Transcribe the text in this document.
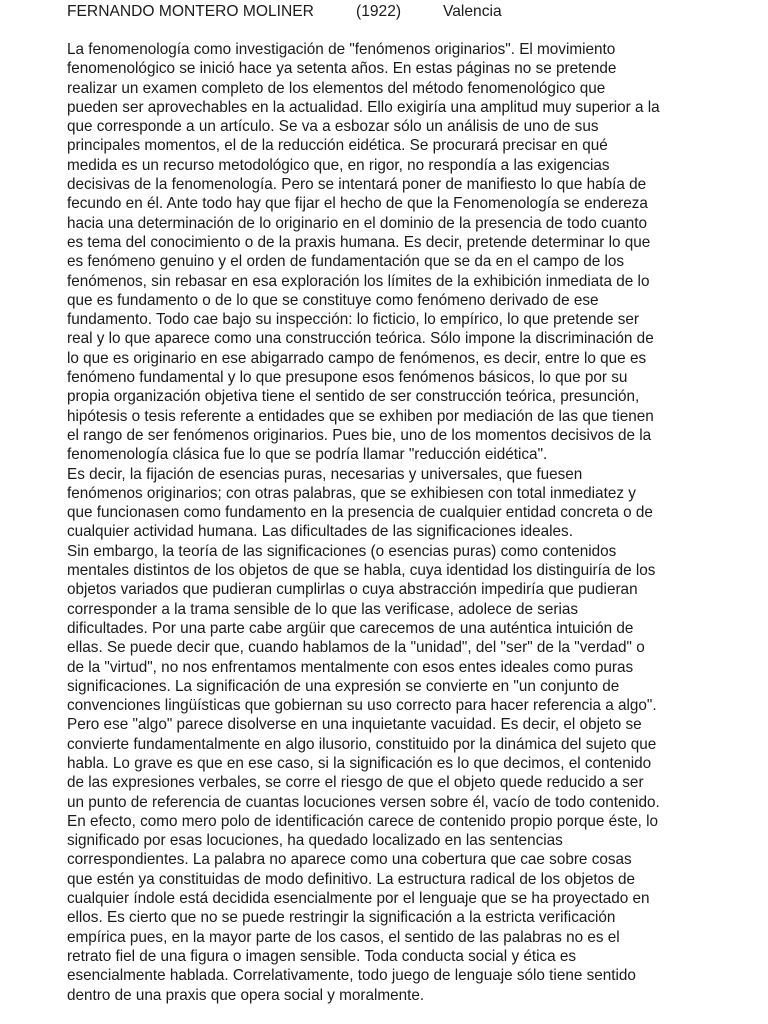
FERNANDO MONTERO MOLINER	(1922)	Valencia
La fenomenología como investigación de "fenómenos originarios". El movimiento
fenomenológico se inició hace ya setenta años. En estas páginas no se pretende
realizar un examen completo de los elementos del método fenomenológico que
pueden ser aprovechables en la actualidad. Ello exigiría una amplitud muy superior a la
que corresponde a un artículo. Se va a esbozar sólo un análisis de uno de sus
principales momentos, el de la reducción eidética. Se procurará precisar en qué
medida es un recurso metodológico que, en rigor, no respondía a las exigencias
decisivas de la fenomenología. Pero se intentará poner de manifiesto lo que había de
fecundo en él. Ante todo hay que fijar el hecho de que la Fenomenología se endereza
hacia una determinación de lo originario en el dominio de la presencia de todo cuanto
es tema del conocimiento o de la praxis humana. Es decir, pretende determinar lo que
es fenómeno genuino y el orden de fundamentación que se da en el campo de los
fenómenos, sin rebasar en esa exploración los límites de la exhibición inmediata de lo
que es fundamento o de lo que se constituye como fenómeno derivado de ese
fundamento. Todo cae bajo su inspección: lo ficticio, lo empírico, lo que pretende ser
real y lo que aparece como una construcción teórica. Sólo impone la discriminación de
lo que es originario en ese abigarrado campo de fenómenos, es decir, entre lo que es
fenómeno fundamental y lo que presupone esos fenómenos básicos, lo que por su
propia organización objetiva tiene el sentido de ser construcción teórica, presunción,
hipótesis o tesis referente a entidades que se exhiben por mediación de las que tienen
el rango de ser fenómenos originarios. Pues bie, uno de los momentos decisivos de la
fenomenología clásica fue lo que se podría llamar "reducción eidética".
Es decir, la fijación de esencias puras, necesarias y universales, que fuesen
fenómenos originarios; con otras palabras, que se exhibiesen con total inmediatez y
que funcionasen como fundamento en la presencia de cualquier entidad concreta o de
cualquier actividad humana. Las dificultades de las significaciones ideales.
Sin embargo, la teoría de las significaciones (o esencias puras) como contenidos
mentales distintos de los objetos de que se habla, cuya identidad los distinguiría de los
objetos variados que pudieran cumplirlas o cuya abstracción impediría que pudieran
corresponder a la trama sensible de lo que las verificase, adolece de serias
dificultades. Por una parte cabe argüir que carecemos de una auténtica intuición de
ellas. Se puede decir que, cuando hablamos de la "unidad", del "ser" de la "verdad" o
de la "virtud", no nos enfrentamos mentalmente con esos entes ideales como puras
significaciones. La significación de una expresión se convierte en "un conjunto de
convenciones lingüísticas que gobiernan su uso correcto para hacer referencia a algo".
Pero ese "algo" parece disolverse en una inquietante vacuidad. Es decir, el objeto se
convierte fundamentalmente en algo ilusorio, constituido por la dinámica del sujeto que
habla. Lo grave es que en ese caso, si la significación es lo que decimos, el contenido
de las expresiones verbales, se corre el riesgo de que el objeto quede reducido a ser
un punto de referencia de cuantas locuciones versen sobre él, vacío de todo contenido.
En efecto, como mero polo de identificación carece de contenido propio porque éste, lo
significado por esas locuciones, ha quedado localizado en las sentencias
correspondientes. La palabra no aparece como una cobertura que cae sobre cosas
que estén ya constituidas de modo definitivo. La estructura radical de los objetos de
cualquier índole está decidida esencialmente por el lenguaje que se ha proyectado en
ellos. Es cierto que no se puede restringir la significación a la estricta verificación
empírica pues, en la mayor parte de los casos, el sentido de las palabras no es el
retrato fiel de una figura o imagen sensible. Toda conducta social y ética es
esencialmente hablada. Correlativamente, todo juego de lenguaje sólo tiene sentido
dentro de una praxis que opera social y moralmente.
